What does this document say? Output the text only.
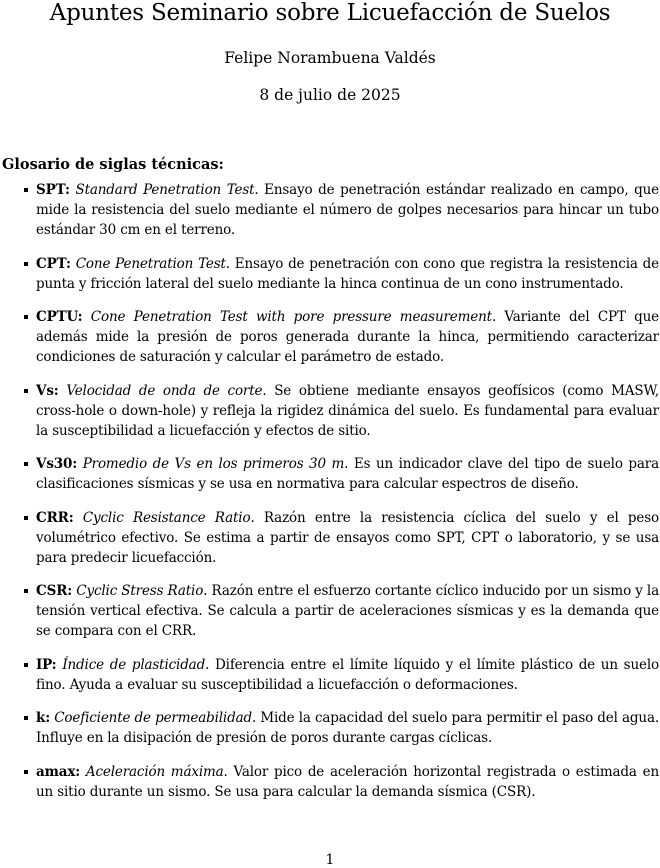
Apuntes Seminario sobre Licuefacción de Suelos
Felipe Norambuena Valdés
8 de julio de 2025
Glosario de siglas técnicas:
SPT: Standard Penetration Test. Ensayo de penetración estándar realizado en campo, que mide la resistencia del suelo mediante el número de golpes necesarios para hincar un tubo estándar 30 cm en el terreno.
CPT: Cone Penetration Test. Ensayo de penetración con cono que registra la resistencia de punta y fricción lateral del suelo mediante la hinca continua de un cono instrumentado.
CPTU: Cone Penetration Test with pore pressure measurement. Variante del CPT que además mide la presión de poros generada durante la hinca, permitiendo caracterizar condiciones de saturación y calcular el parámetro de estado.
Vs: Velocidad de onda de corte. Se obtiene mediante ensayos geofísicos (como MASW, cross-hole o down-hole) y refleja la rigidez dinámica del suelo. Es fundamental para evaluar la susceptibilidad a licuefacción y efectos de sitio.
Vs30: Promedio de Vs en los primeros 30 m. Es un indicador clave del tipo de suelo para clasificaciones sísmicas y se usa en normativa para calcular espectros de diseño.
CRR: Cyclic Resistance Ratio. Razón entre la resistencia cíclica del suelo y el peso volumétrico efectivo. Se estima a partir de ensayos como SPT, CPT o laboratorio, y se usa para predecir licuefacción.
CSR: Cyclic Stress Ratio. Razón entre el esfuerzo cortante cíclico inducido por un sismo y la tensión vertical efectiva. Se calcula a partir de aceleraciones sísmicas y es la demanda que se compara con el CRR.
IP: Índice de plasticidad. Diferencia entre el límite líquido y el límite plástico de un suelo fino. Ayuda a evaluar su susceptibilidad a licuefacción o deformaciones.
k: Coeficiente de permeabilidad. Mide la capacidad del suelo para permitir el paso del agua. Influye en la disipación de presión de poros durante cargas cíclicas.
amax: Aceleración máxima. Valor pico de aceleración horizontal registrada o estimada en un sitio durante un sismo. Se usa para calcular la demanda sísmica (CSR).
1
